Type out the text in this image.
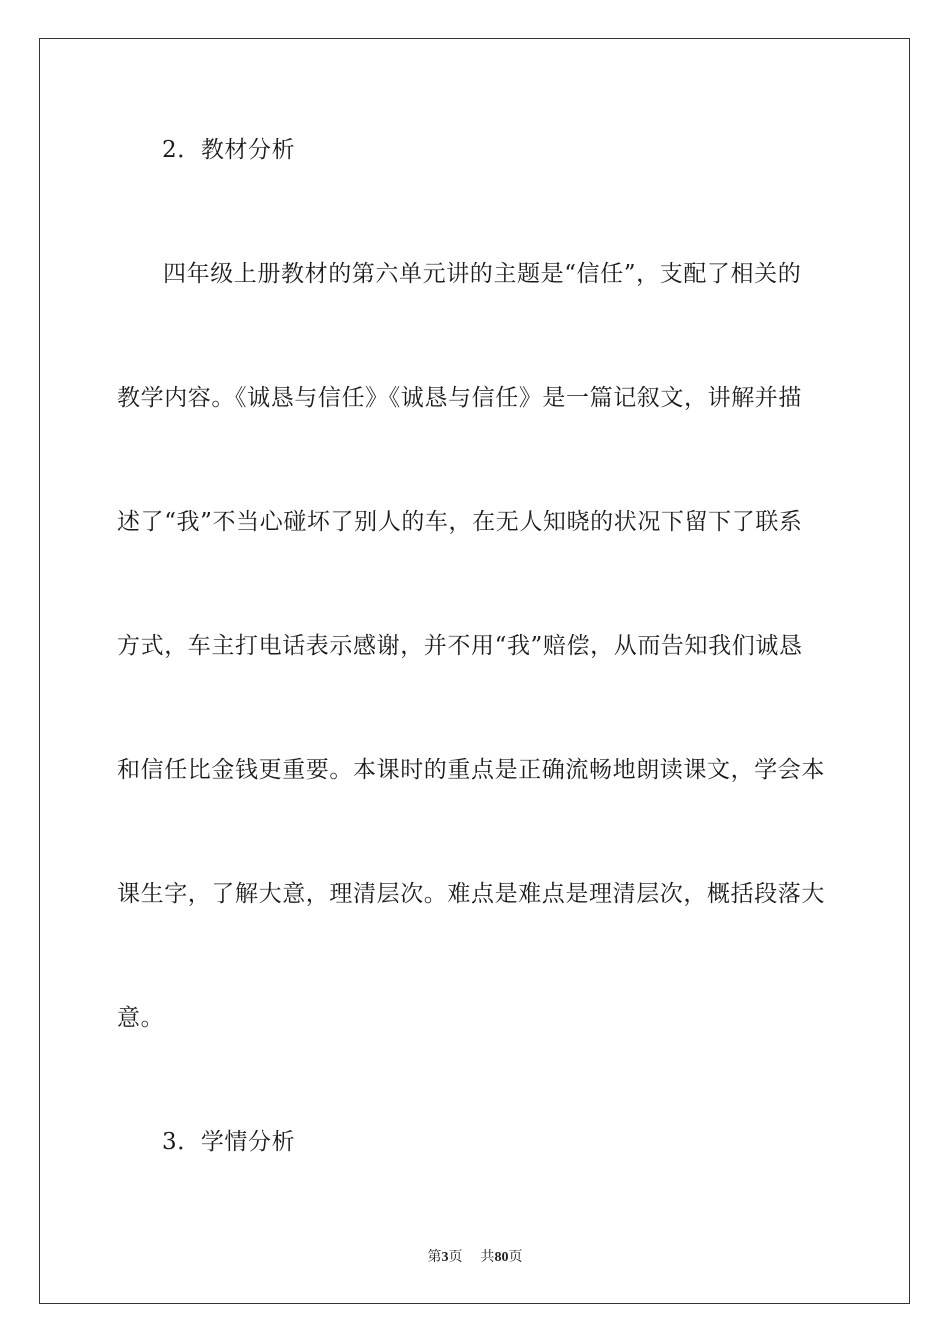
2．教材分析
四年级上册教材的第六单元讲的主题是“信任”，支配了相关的
教学内容。《诚恳与信任》《诚恳与信任》是一篇记叙文，讲解并描
述了“我”不当心碰坏了别人的车，在无人知晓的状况下留下了联系
方式，车主打电话表示感谢，并不用“我”赔偿，从而告知我们诚恳
和信任比金钱更重要。本课时的重点是正确流畅地朗读课文，学会本
课生字，了解大意，理清层次。难点是难点是理清层次，概括段落大
意。
3．学情分析
第3页 共80页
